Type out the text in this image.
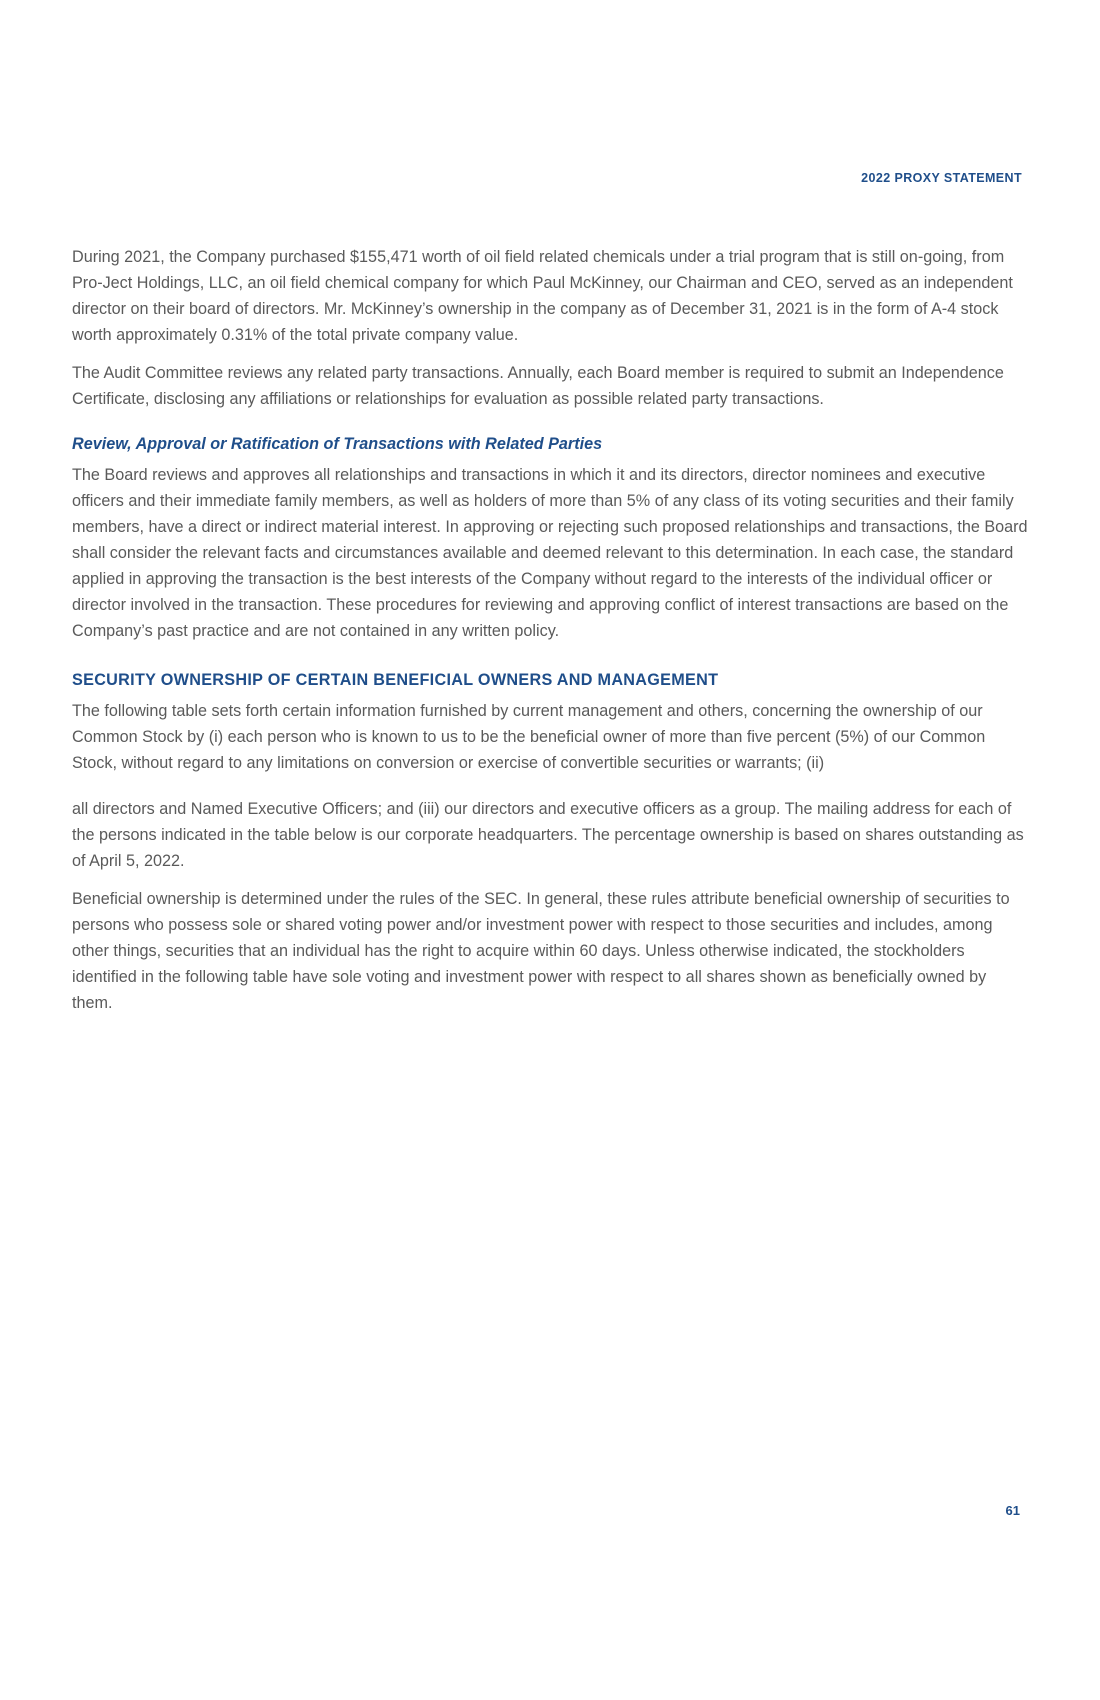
2022 PROXY STATEMENT

During 2021, the Company purchased $155,471 worth of oil field related chemicals under a trial program that is still on-going, from Pro-Ject Holdings, LLC, an oil field chemical company for which Paul McKinney, our Chairman and CEO, served as an independent director on their board of directors. Mr. McKinney’s ownership in the company as of December 31, 2021 is in the form of A-4 stock worth approximately 0.31% of the total private company value.

The Audit Committee reviews any related party transactions. Annually, each Board member is required to submit an Independence Certificate, disclosing any affiliations or relationships for evaluation as possible related party transactions.

Review, Approval or Ratification of Transactions with Related Parties

The Board reviews and approves all relationships and transactions in which it and its directors, director nominees and executive officers and their immediate family members, as well as holders of more than 5% of any class of its voting securities and their family members, have a direct or indirect material interest. In approving or rejecting such proposed relationships and transactions, the Board shall consider the relevant facts and circumstances available and deemed relevant to this determination. In each case, the standard applied in approving the transaction is the best interests of the Company without regard to the interests of the individual officer or director involved in the transaction. These procedures for reviewing and approving conflict of interest transactions are based on the Company’s past practice and are not contained in any written policy.

SECURITY OWNERSHIP OF CERTAIN BENEFICIAL OWNERS AND MANAGEMENT

The following table sets forth certain information furnished by current management and others, concerning the ownership of our Common Stock by (i) each person who is known to us to be the beneficial owner of more than five percent (5%) of our Common Stock, without regard to any limitations on conversion or exercise of convertible securities or warrants; (ii)

all directors and Named Executive Officers; and (iii) our directors and executive officers as a group. The mailing address for each of the persons indicated in the table below is our corporate headquarters. The percentage ownership is based on shares outstanding as of April 5, 2022.

Beneficial ownership is determined under the rules of the SEC. In general, these rules attribute beneficial ownership of securities to persons who possess sole or shared voting power and/or investment power with respect to those securities and includes, among other things, securities that an individual has the right to acquire within 60 days. Unless otherwise indicated, the stockholders identified in the following table have sole voting and investment power with respect to all shares shown as beneficially owned by them.

61
